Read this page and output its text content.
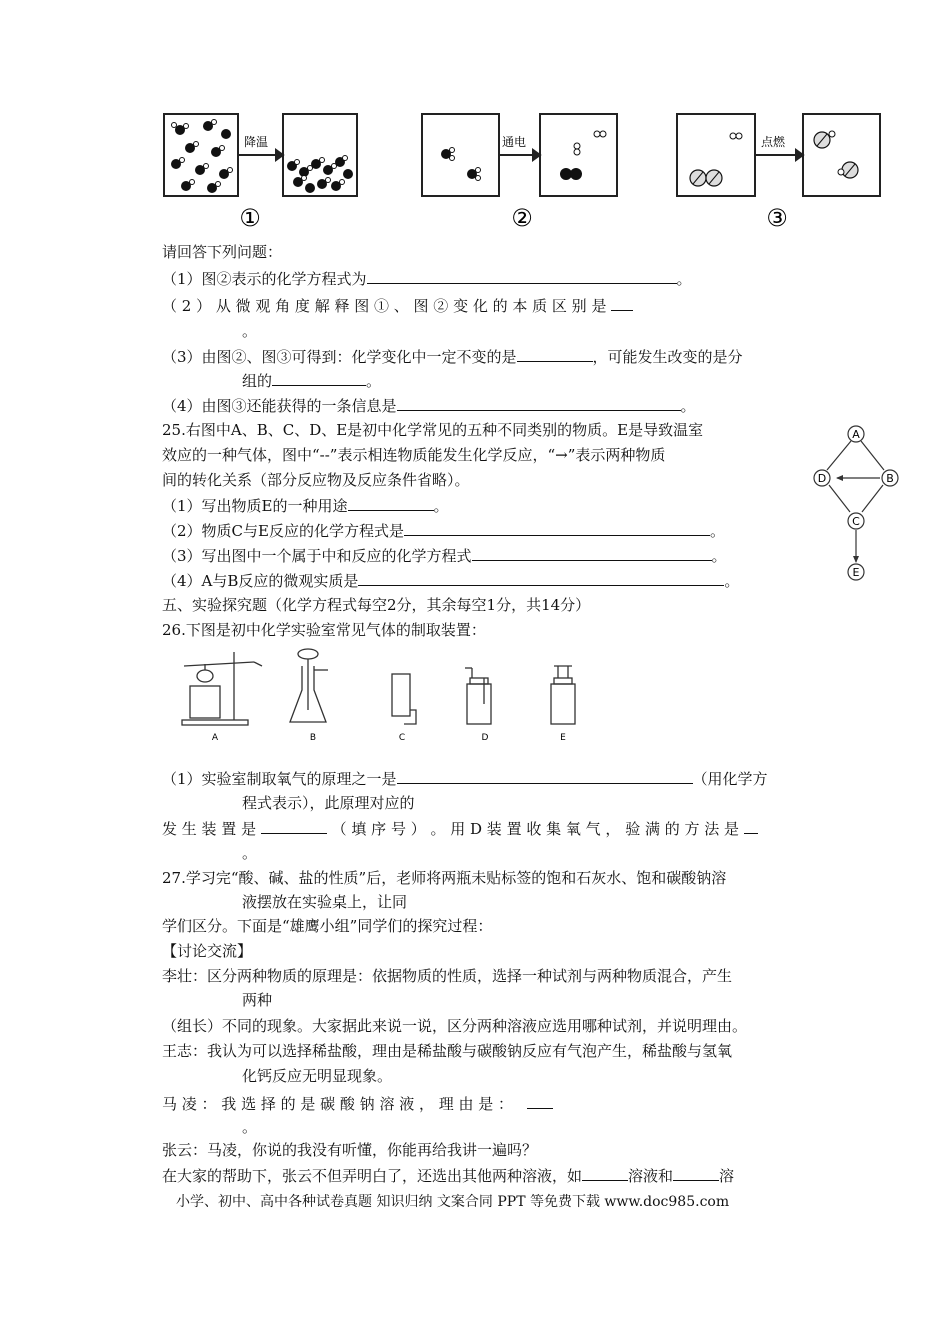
降温	通电	点燃
①	②	③
请回答下列问题：
（1）图②表示的化学方程式为	。
（ 2 ） 从 微 观 角 度 解 释 图 ① 、 图 ② 变 化 的 本 质 区 别 是
。
（3）由图②、图③可得到：化学变化中一定不变的是	，可能发生改变的是分
组的	。
（4）由图③还能获得的一条信息是	。
25.右图中A、B、C、D、E是初中化学常见的五种不同类别的物质。E是导致温室
效应的一种气体，图中“--”表示相连物质能发生化学反应，“→”表示两种物质
间的转化关系（部分反应物及反应条件省略）。
（1）写出物质E的一种用途	。
（2）物质C与E反应的化学方程式是	。
（3）写出图中一个属于中和反应的化学方程式	。
（4）A与B反应的微观实质是	。
A
B
C
D
E
五、实验探究题（化学方程式每空2分，其余每空1分，共14分）
26.下图是初中化学实验室常见气体的制取装置：
A	B	C	D	E
（1）实验室制取氧气的原理之一是	（用化学方
程式表示），此原理对应的
发 生 装 置 是	（ 填 序 号 ） 。 用 D 装 置 收 集 氧 气 ， 验 满 的 方 法 是
。
27.学习完“酸、碱、盐的性质”后，老师将两瓶未贴标签的饱和石灰水、饱和碳酸钠溶
液摆放在实验桌上，让同
学们区分。下面是“雄鹰小组”同学们的探究过程：
【讨论交流】
李壮：区分两种物质的原理是：依据物质的性质，选择一种试剂与两种物质混合，产生
两种
（组长）不同的现象。大家据此来说一说，区分两种溶液应选用哪种试剂，并说明理由。
王志：我认为可以选择稀盐酸，理由是稀盐酸与碳酸钠反应有气泡产生，稀盐酸与氢氧
化钙反应无明显现象。
马 凌 ： 我 选 择 的 是 碳 酸 钠 溶 液 ， 理 由 是 ：
。
张云：马凌，你说的我没有听懂，你能再给我讲一遍吗？
在大家的帮助下，张云不但弄明白了，还选出其他两种溶液，如	溶液和	溶
小学、初中、高中各种试卷真题 知识归纳 文案合同 PPT 等免费下载 www.doc985.com
